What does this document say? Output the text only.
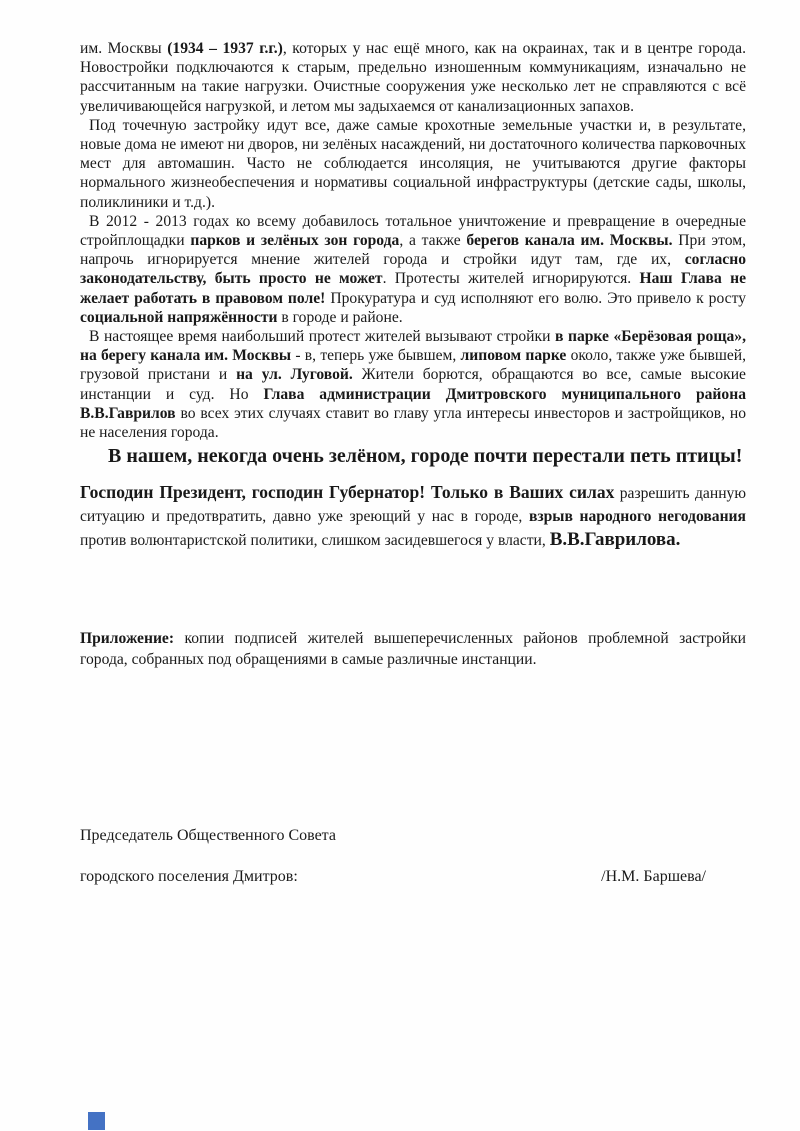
им. Москвы (1934 – 1937 г.г.), которых у нас ещё много, как на окраинах, так и в центре города. Новостройки подключаются к старым, предельно изношенным коммуникациям, изначально не рассчитанным на такие нагрузки. Очистные сооружения уже несколько лет не справляются с всё увеличивающейся нагрузкой, и летом мы задыхаемся от канализационных запахов.

Под точечную застройку идут все, даже самые крохотные земельные участки и, в результате, новые дома не имеют ни дворов, ни зелёных насаждений, ни достаточного количества парковочных мест для автомашин. Часто не соблюдается инсоляция, не учитываются другие факторы нормального жизнеобеспечения и нормативы социальной инфраструктуры (детские сады, школы, поликлиники и т.д.).

В 2012 - 2013 годах ко всему добавилось тотальное уничтожение и превращение в очередные стройплощадки парков и зелёных зон города, а также берегов канала им. Москвы. При этом, напрочь игнорируется мнение жителей города и стройки идут там, где их, согласно законодательству, быть просто не может. Протесты жителей игнорируются. Наш Глава не желает работать в правовом поле! Прокуратура и суд исполняют его волю. Это привело к росту социальной напряжённости в городе и районе.

В настоящее время наибольший протест жителей вызывают стройки в парке «Берёзовая роща», на берегу канала им. Москвы - в, теперь уже бывшем, липовом парке около, также уже бывшей, грузовой пристани и на ул. Луговой. Жители борются, обращаются во все, самые высокие инстанции и суд. Но Глава администрации Дмитровского муниципального района В.В.Гаврилов во всех этих случаях ставит во главу угла интересы инвесторов и застройщиков, но не населения города.

В нашем, некогда очень зелёном, городе почти перестали петь птицы!

Господин Президент, господин Губернатор! Только в Ваших силах разрешить данную ситуацию и предотвратить, давно уже зреющий у нас в городе, взрыв народного негодования против волюнтаристской политики, слишком засидевшегося у власти, В.В.Гаврилова.

Приложение: копии подписей жителей вышеперечисленных районов проблемной застройки города, собранных под обращениями в самые различные инстанции.

Председатель Общественного Совета

городского поселения Дмитров:	/Н.М. Баршева/
